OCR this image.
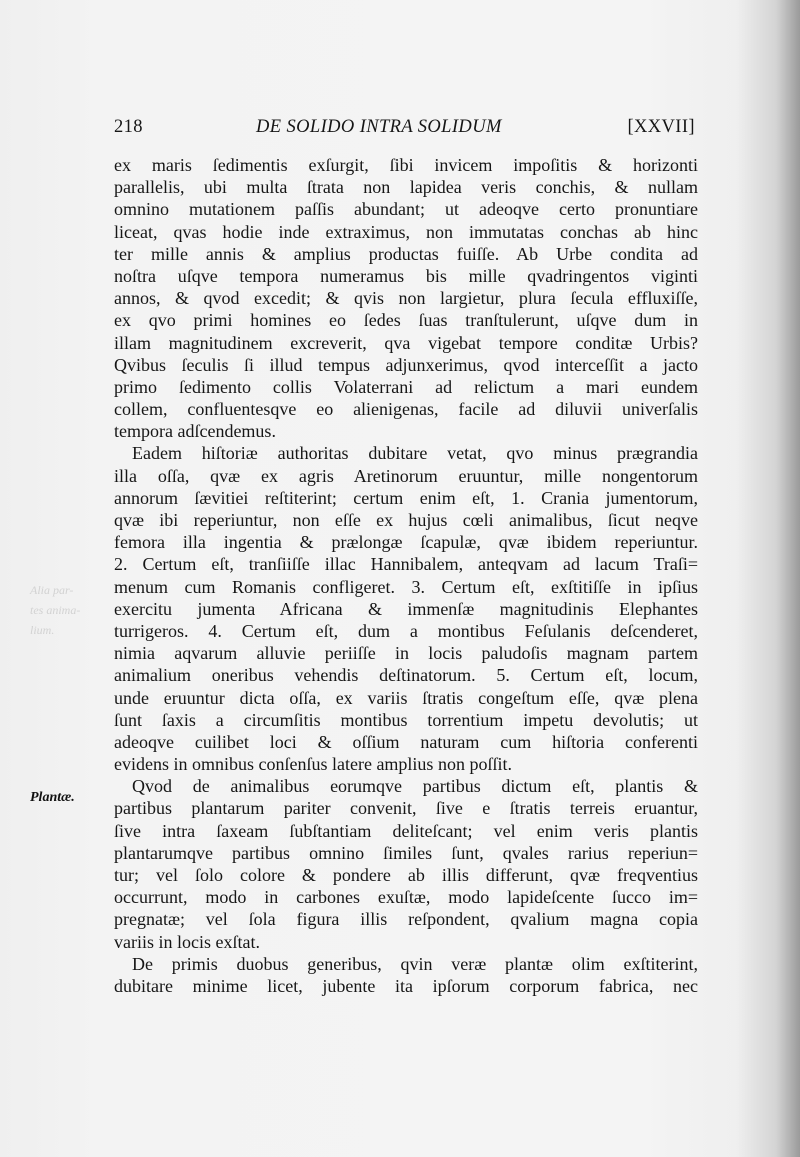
Alia par-
tes anima-
lium.
218	DE SOLIDO INTRA SOLIDUM	[XXVII]
Plantæ.
ex maris ſedimentis exſurgit, ſibi invicem impoſitis & horizonti
parallelis, ubi multa ſtrata non lapidea veris conchis, & nullam
omnino mutationem paſſis abundant; ut adeoqve certo pronuntiare
liceat, qvas hodie inde extraximus, non immutatas conchas ab hinc
ter mille annis & amplius productas fuiſſe. Ab Urbe condita ad
noſtra uſqve tempora numeramus bis mille qvadringentos viginti
annos, & qvod excedit; & qvis non largietur, plura ſecula effluxiſſe,
ex qvo primi homines eo ſedes ſuas tranſtulerunt, uſqve dum in
illam magnitudinem excreverit, qva vigebat tempore conditæ Urbis?
Qvibus ſeculis ſi illud tempus adjunxerimus, qvod interceſſit a jacto
primo ſedimento collis Volaterrani ad relictum a mari eundem
collem, confluentesqve eo alienigenas, facile ad diluvii univerſalis
tempora adſcendemus.
Eadem hiſtoriæ authoritas dubitare vetat, qvo minus prægrandia
illa oſſa, qvæ ex agris Aretinorum eruuntur, mille nongentorum
annorum ſævitiei reſtiterint; certum enim eſt, 1. Crania jumentorum,
qvæ ibi reperiuntur, non eſſe ex hujus cœli animalibus, ſicut neqve
femora illa ingentia & prælongæ ſcapulæ, qvæ ibidem reperiuntur.
2. Certum eſt, tranſiiſſe illac Hannibalem, anteqvam ad lacum Traſi=
menum cum Romanis confligeret. 3. Certum eſt, exſtitiſſe in ipſius
exercitu jumenta Africana & immenſæ magnitudinis Elephantes
turrigeros. 4. Certum eſt, dum a montibus Feſulanis deſcenderet,
nimia aqvarum alluvie periiſſe in locis paludoſis magnam partem
animalium oneribus vehendis deſtinatorum. 5. Certum eſt, locum,
unde eruuntur dicta oſſa, ex variis ſtratis congeſtum eſſe, qvæ plena
ſunt ſaxis a circumſitis montibus torrentium impetu devolutis; ut
adeoqve cuilibet loci & oſſium naturam cum hiſtoria conferenti
evidens in omnibus conſenſus latere amplius non poſſit.
Qvod de animalibus eorumqve partibus dictum eſt, plantis &
partibus plantarum pariter convenit, ſive e ſtratis terreis eruantur,
ſive intra ſaxeam ſubſtantiam deliteſcant; vel enim veris plantis
plantarumqve partibus omnino ſimiles ſunt, qvales rarius reperiun=
tur; vel ſolo colore & pondere ab illis differunt, qvæ freqventius
occurrunt, modo in carbones exuſtæ, modo lapideſcente ſucco im=
pregnatæ; vel ſola figura illis reſpondent, qvalium magna copia
variis in locis exſtat.
De primis duobus generibus, qvin veræ plantæ olim exſtiterint,
dubitare minime licet, jubente ita ipſorum corporum fabrica, nec
